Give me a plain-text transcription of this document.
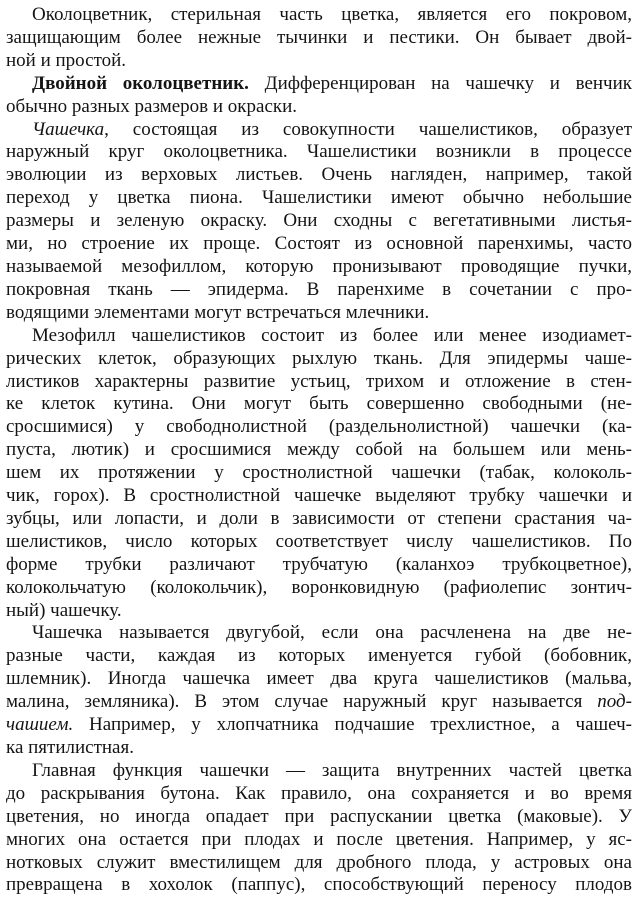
Околоцветник, стерильная часть цветка, является его покровом,
защищающим более нежные тычинки и пестики. Он бывает двой-
ной и простой.
Двойной околоцветник. Дифференцирован на чашечку и венчик
обычно разных размеров и окраски.
Чашечка, состоящая из совокупности чашелистиков, образует
наружный круг околоцветника. Чашелистики возникли в процессе
эволюции из верховых листьев. Очень нагляден, например, такой
переход у цветка пиона. Чашелистики имеют обычно небольшие
размеры и зеленую окраску. Они сходны с вегетативными листья-
ми, но строение их проще. Состоят из основной паренхимы, часто
называемой мезофиллом, которую пронизывают проводящие пучки,
покровная ткань — эпидерма. В паренхиме в сочетании с про-
водящими элементами могут встречаться млечники.
Мезофилл чашелистиков состоит из более или менее изодиамет-
рических клеток, образующих рыхлую ткань. Для эпидермы чаше-
листиков характерны развитие устьиц, трихом и отложение в стен-
ке клеток кутина. Они могут быть совершенно свободными (не-
сросшимися) у свободнолистной (раздельнолистной) чашечки (ка-
пуста, лютик) и сросшимися между собой на большем или мень-
шем их протяжении у сростнолистной чашечки (табак, колоколь-
чик, горох). В сростнолистной чашечке выделяют трубку чашечки и
зубцы, или лопасти, и доли в зависимости от степени срастания ча-
шелистиков, число которых соответствует числу чашелистиков. По
форме трубки различают трубчатую (каланхоэ трубкоцветное),
колокольчатую (колокольчик), воронковидную (рафиолепис зонтич-
ный) чашечку.
Чашечка называется двугубой, если она расчленена на две не-
разные части, каждая из которых именуется губой (бобовник,
шлемник). Иногда чашечка имеет два круга чашелистиков (мальва,
малина, земляника). В этом случае наружный круг называется под-
чашием. Например, у хлопчатника подчашие трехлистное, а чашеч-
ка пятилистная.
Главная функция чашечки — защита внутренних частей цветка
до раскрывания бутона. Как правило, она сохраняется и во время
цветения, но иногда опадает при распускании цветка (маковые). У
многих она остается при плодах и после цветения. Например, у яс-
нотковых служит вместилищем для дробного плода, у астровых она
превращена в хохолок (паппус), способствующий переносу плодов
